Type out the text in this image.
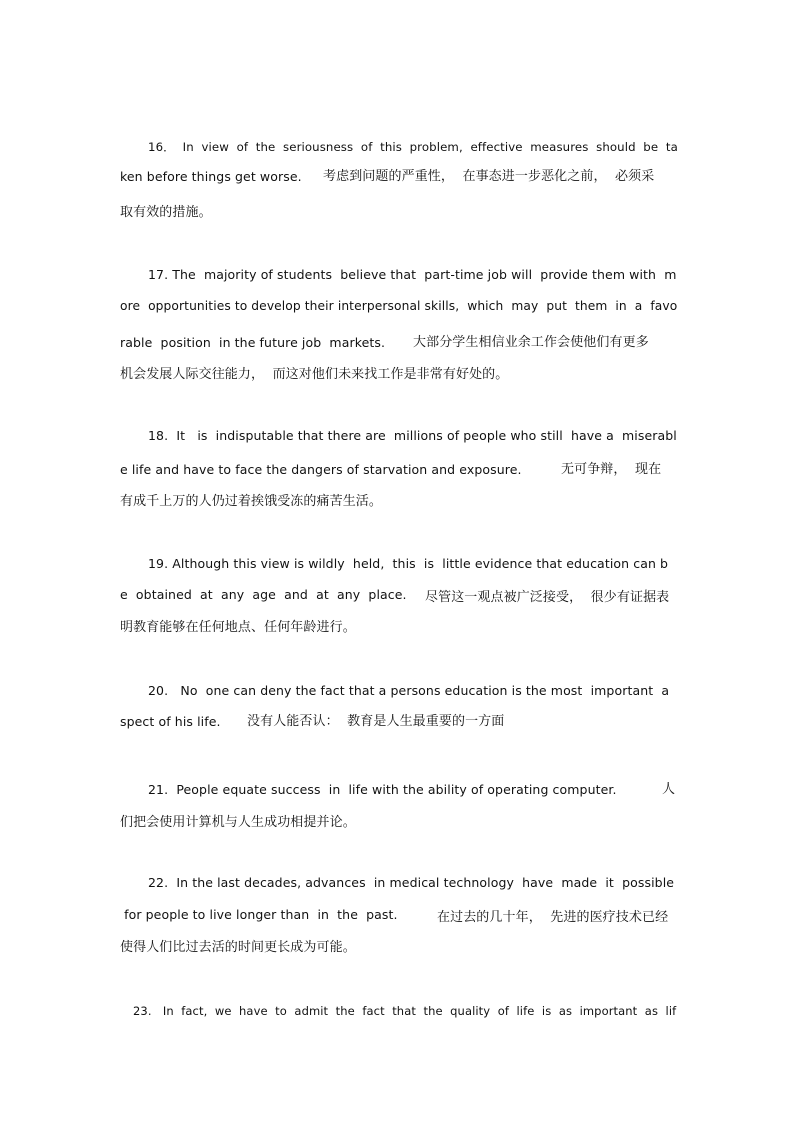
16．  In  view  of  the  seriousness  of  this  problem,  effective  measures  should  be  ta
ken before things get worse. 考虑到问题的严重性，  在事态进一步恶化之前，  必须采
取有效的措施。
17. The  majority of students  believe that  part-time job will  provide them with  m
ore  opportunities to develop their interpersonal skills,  which  may  put  them  in  a  favo
rable  position  in the future job  markets. 大部分学生相信业余工作会使他们有更多
机会发展人际交往能力，  而这对他们未来找工作是非常有好处的。
18.  It   is  indisputable that there are  millions of people who still  have a  miserabl
e life and have to face the dangers of starvation and exposure.	无可争辩，  现在
有成千上万的人仍过着挨饿受冻的痛苦生活。
19. Although this view is wildly  held,  this  is  little evidence that education can b
e  obtained  at  any  age  and  at  any  place. 尽管这一观点被广泛接受，  很少有证据表
明教育能够在任何地点、任何年龄进行。
20.   No  one can deny the fact that a persons education is the most  important  a
spect of his life. 没有人能否认：  教育是人生最重要的一方面
21.  People equate success  in  life with the ability of operating computer.	人
们把会使用计算机与人生成功相提并论。
22.  In the last decades, advances  in medical technology  have  made  it  possible
for people to live longer than  in  the  past.	在过去的几十年，  先进的医疗技术已经
使得人们比过去活的时间更长成为可能。
23.   In  fact,  we  have  to  admit  the  fact  that  the  quality  of  life  is  as  important  as  lif
